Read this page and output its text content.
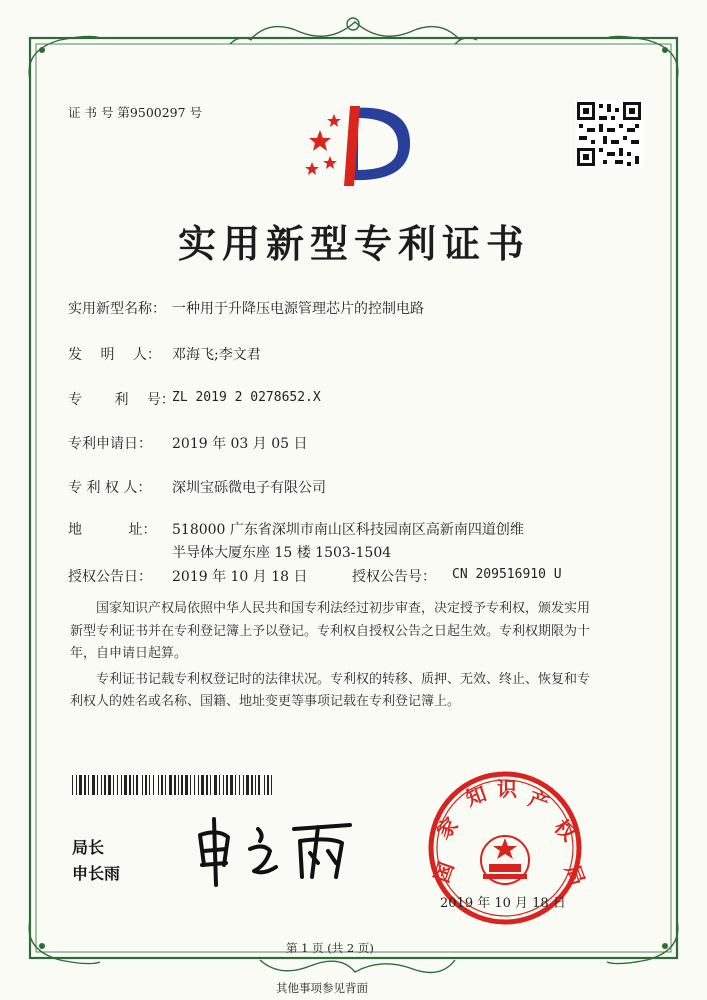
证 书 号 第9500297 号
实用新型专利证书
实用新型名称： 一种用于升降压电源管理芯片的控制电路
发　 明　 人： 邓海飞;李文君
专　　 利　 号：
ZL 2019 2 0278652.X
专利申请日： 2019 年 03 月 05 日
专 利 权 人： 深圳宝砾微电子有限公司
地　　　 址： 518000 广东省深圳市南山区科技园南区高新南四道创维
半导体大厦东座 15 楼 1503-1504
授权公告日： 2019 年 10 月 18 日	授权公告号： CN 209516910 U

国家知识产权局依照中华人民共和国专利法经过初步审查，决定授予专利权，颁发实用
新型专利证书并在专利登记簿上予以登记。专利权自授权公告之日起生效。专利权期限为十
年，自申请日起算。

专利证书记载专利权登记时的法律状况。专利权的转移、质押、无效、终止、恢复和专
利权人的姓名或名称、国籍、地址变更等事项记载在专利登记簿上。

局长
申长雨	国
家
知 识 产
权
局
2019 年 10 月 18 日
第 1 页 (共 2 页)
其他事项参见背面
